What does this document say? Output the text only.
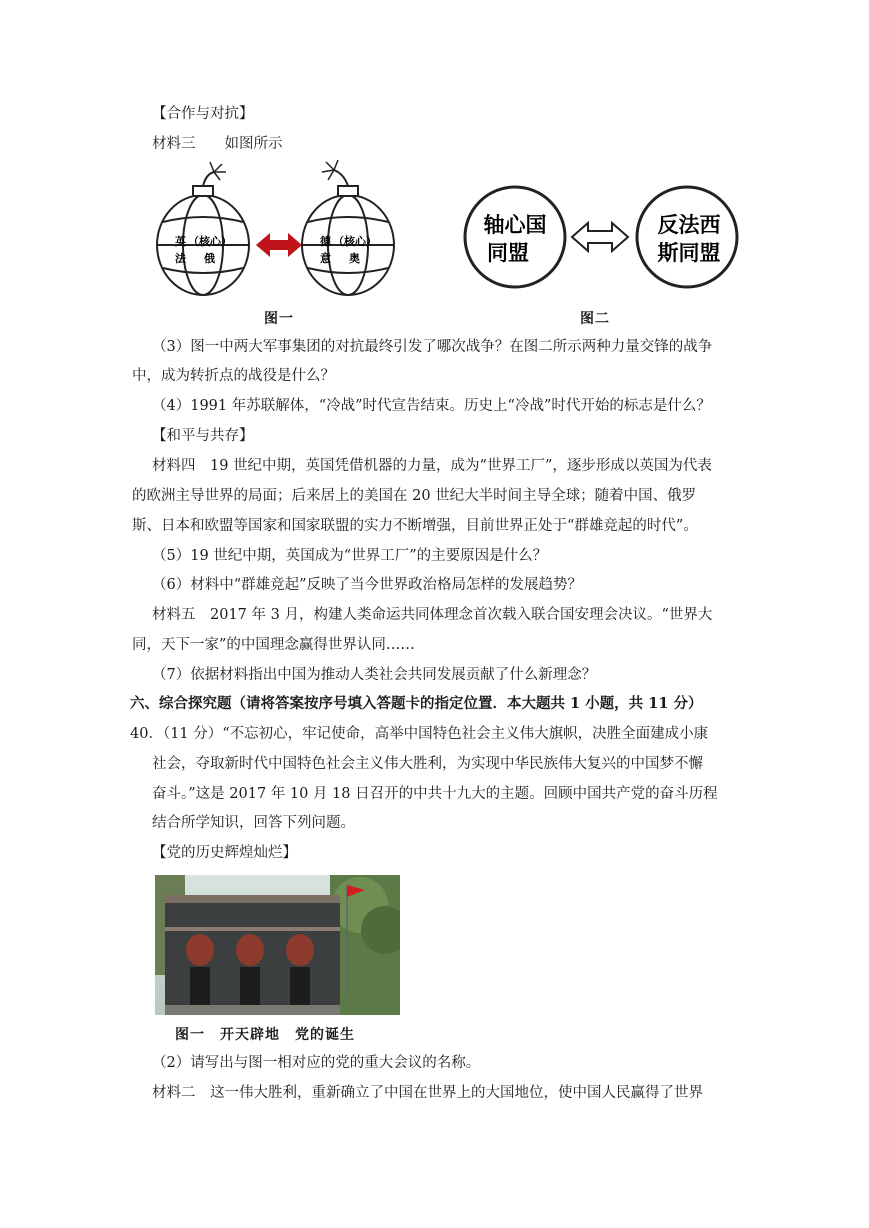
【合作与对抗】
材料三　　如图所示
英
法
（核心）
俄
德
意
（核心）
奥
图一
轴心国
同盟
反法西
斯同盟
图二
（3）图一中两大军事集团的对抗最终引发了哪次战争？在图二所示两种力量交锋的战争
中，成为转折点的战役是什么？
（4）1991 年苏联解体，“冷战”时代宣告结束。历史上“冷战”时代开始的标志是什么？
【和平与共存】
材料四　19 世纪中期，英国凭借机器的力量，成为“世界工厂”，逐步形成以英国为代表
的欧洲主导世界的局面；后来居上的美国在 20 世纪大半时间主导全球；随着中国、俄罗
斯、日本和欧盟等国家和国家联盟的实力不断增强，目前世界正处于“群雄竞起的时代”。
（5）19 世纪中期，英国成为“世界工厂”的主要原因是什么？
（6）材料中“群雄竞起”反映了当今世界政治格局怎样的发展趋势？
材料五　2017 年 3 月，构建人类命运共同体理念首次载入联合国安理会决议。“世界大
同，天下一家”的中国理念赢得世界认同……
（7）依据材料指出中国为推动人类社会共同发展贡献了什么新理念？
六、综合探究题（请将答案按序号填入答题卡的指定位置．本大题共 1 小题，共 11 分）
40．（11 分）“不忘初心，牢记使命，高举中国特色社会主义伟大旗帜，决胜全面建成小康
社会，夺取新时代中国特色社会主义伟大胜利，为实现中华民族伟大复兴的中国梦不懈
奋斗。”这是 2017 年 10 月 18 日召开的中共十九大的主题。回顾中国共产党的奋斗历程
结合所学知识，回答下列问题。
【党的历史辉煌灿烂】
图一　开天辟地　党的诞生
（2）请写出与图一相对应的党的重大会议的名称。
材料二　这一伟大胜利，重新确立了中国在世界上的大国地位，使中国人民赢得了世界
